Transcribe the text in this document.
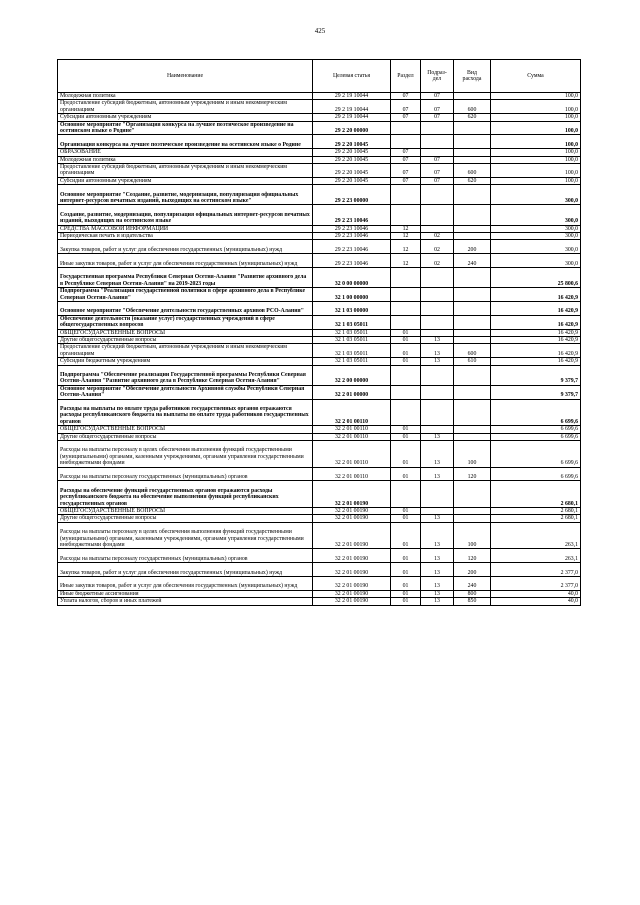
425
Наименование	Целевая статья	Раздел	Подраз-
дел	Вид
расхода	Сумма
Молодежная политика	29 2 19 10044	07	07		100,0
Предоставление субсидий бюджетным, автономным учреждениям и иным некоммерческим организациям	29 2 19 10044	07	07	600	100,0
Субсидии автономным учреждениям	29 2 19 10044	07	07	620	100,0
Основное мероприятие "Организация конкурса на лучшее поэтическое произведение на осетинском языке о Родине"	29 2 20 00000				100,0
Организация конкурса на лучшее поэтическое произведение на осетинском языке о Родине	29 2 20 10045				100,0
ОБРАЗОВАНИЕ	29 2 20 10045	07			100,0
Молодежная политика	29 2 20 10045	07	07		100,0
Предоставление субсидий бюджетным, автономным учреждениям и иным некоммерческим организациям	29 2 20 10045	07	07	600	100,0
Субсидии автономным учреждениям	29 2 20 10045	07	07	620	100,0
Основное мероприятие "Создание, развитие, модернизация, популяризация официальных интернет-ресурсов печатных изданий, выходящих на осетинском языке"	29 2 23 00000				300,0
Создание, развитие, модернизация, популяризация официальных интернет-ресурсов печатных изданий, выходящих на осетинском языке	29 2 23 10046				300,0
СРЕДСТВА МАССОВОЙ ИНФОРМАЦИИ	29 2 23 10046	12			300,0
Периодическая печать и издательства	29 2 23 10046	12	02		300,0
Закупка товаров, работ и услуг для обеспечения государственных (муниципальных) нужд	29 2 23 10046	12	02	200	300,0
Иные закупки товаров, работ и услуг для обеспечения государственных (муниципальных) нужд	29 2 23 10046	12	02	240	300,0
Государственная программа Республики Северная Осетия-Алания "Развитие архивного дела в Республике Северная Осетия-Алания" на 2019-2023 годы	32 0 00 00000				25 800,6
Подпрограмма "Реализация государственной политики в сфере архивного дела в Республике Северная Осетия-Алания"	32 1 00 00000				16 420,9
Основное мероприятие "Обеспечение деятельности государственных архивов РСО-Алания"	32 1 03 00000				16 420,9
Обеспечение деятельности (оказание услуг) государственных учреждений в сфере общегосударственных вопросов	32 1 03 05011				16 420,9
ОБЩЕГОСУДАРСТВЕННЫЕ ВОПРОСЫ	32 1 03 05011	01			16 420,9
Другие общегосударственные вопросы	32 1 03 05011	01	13		16 420,9
Предоставление субсидий бюджетным, автономным учреждениям и иным некоммерческим организациям	32 1 03 05011	01	13	600	16 420,9
Субсидии бюджетным учреждениям	32 1 03 05011	01	13	610	16 420,9
Подпрограмма "Обеспечение реализации Государственной программы Республики Северная Осетия-Алания "Развитие архивного дела в Республике Северная Осетия-Алания"	32 2 00 00000				9 379,7
Основное мероприятие "Обеспечение деятельности Архивной службы Республики Северная Осетия-Алания"	32 2 01 00000				9 379,7
Расходы на выплаты по оплате труда работников государственных органов отражаются расходы республиканского бюджета на выплаты по оплате труда работников государственных органов	32 2 01 00110				6 699,6
ОБЩЕГОСУДАРСТВЕННЫЕ ВОПРОСЫ	32 2 01 00110	01			6 699,6
Другие общегосударственные вопросы	32 2 01 00110	01	13		6 699,6
Расходы на выплаты персоналу в целях обеспечения выполнения функций государственными (муниципальными) органами, казенными учреждениями, органами управления государственными внебюджетными фондами	32 2 01 00110	01	13	100	6 699,6
Расходы на выплаты персоналу государственных (муниципальных) органов	32 2 01 00110	01	13	120	6 699,6
Расходы на обеспечение функций государственных органов отражаются расходы республиканского бюджета на обеспечение выполнения функций республиканских государственных органов	32 2 01 00190				2 680,1
ОБЩЕГОСУДАРСТВЕННЫЕ ВОПРОСЫ	32 2 01 00190	01			2 680,1
Другие общегосударственные вопросы	32 2 01 00190	01	13		2 680,1
Расходы на выплаты персоналу в целях обеспечения выполнения функций государственными (муниципальными) органами, казенными учреждениями, органами управления государственными внебюджетными фондами	32 2 01 00190	01	13	100	263,1
Расходы на выплаты персоналу государственных (муниципальных) органов	32 2 01 00190	01	13	120	263,1
Закупка товаров, работ и услуг для обеспечения государственных (муниципальных) нужд	32 2 01 00190	01	13	200	2 377,0
Иные закупки товаров, работ и услуг для обеспечения государственных (муниципальных) нужд	32 2 01 00190	01	13	240	2 377,0
Иные бюджетные ассигнования	32 2 01 00190	01	13	800	40,0
Уплата налогов, сборов и иных платежей	32 2 01 00190	01	13	850	40,0
